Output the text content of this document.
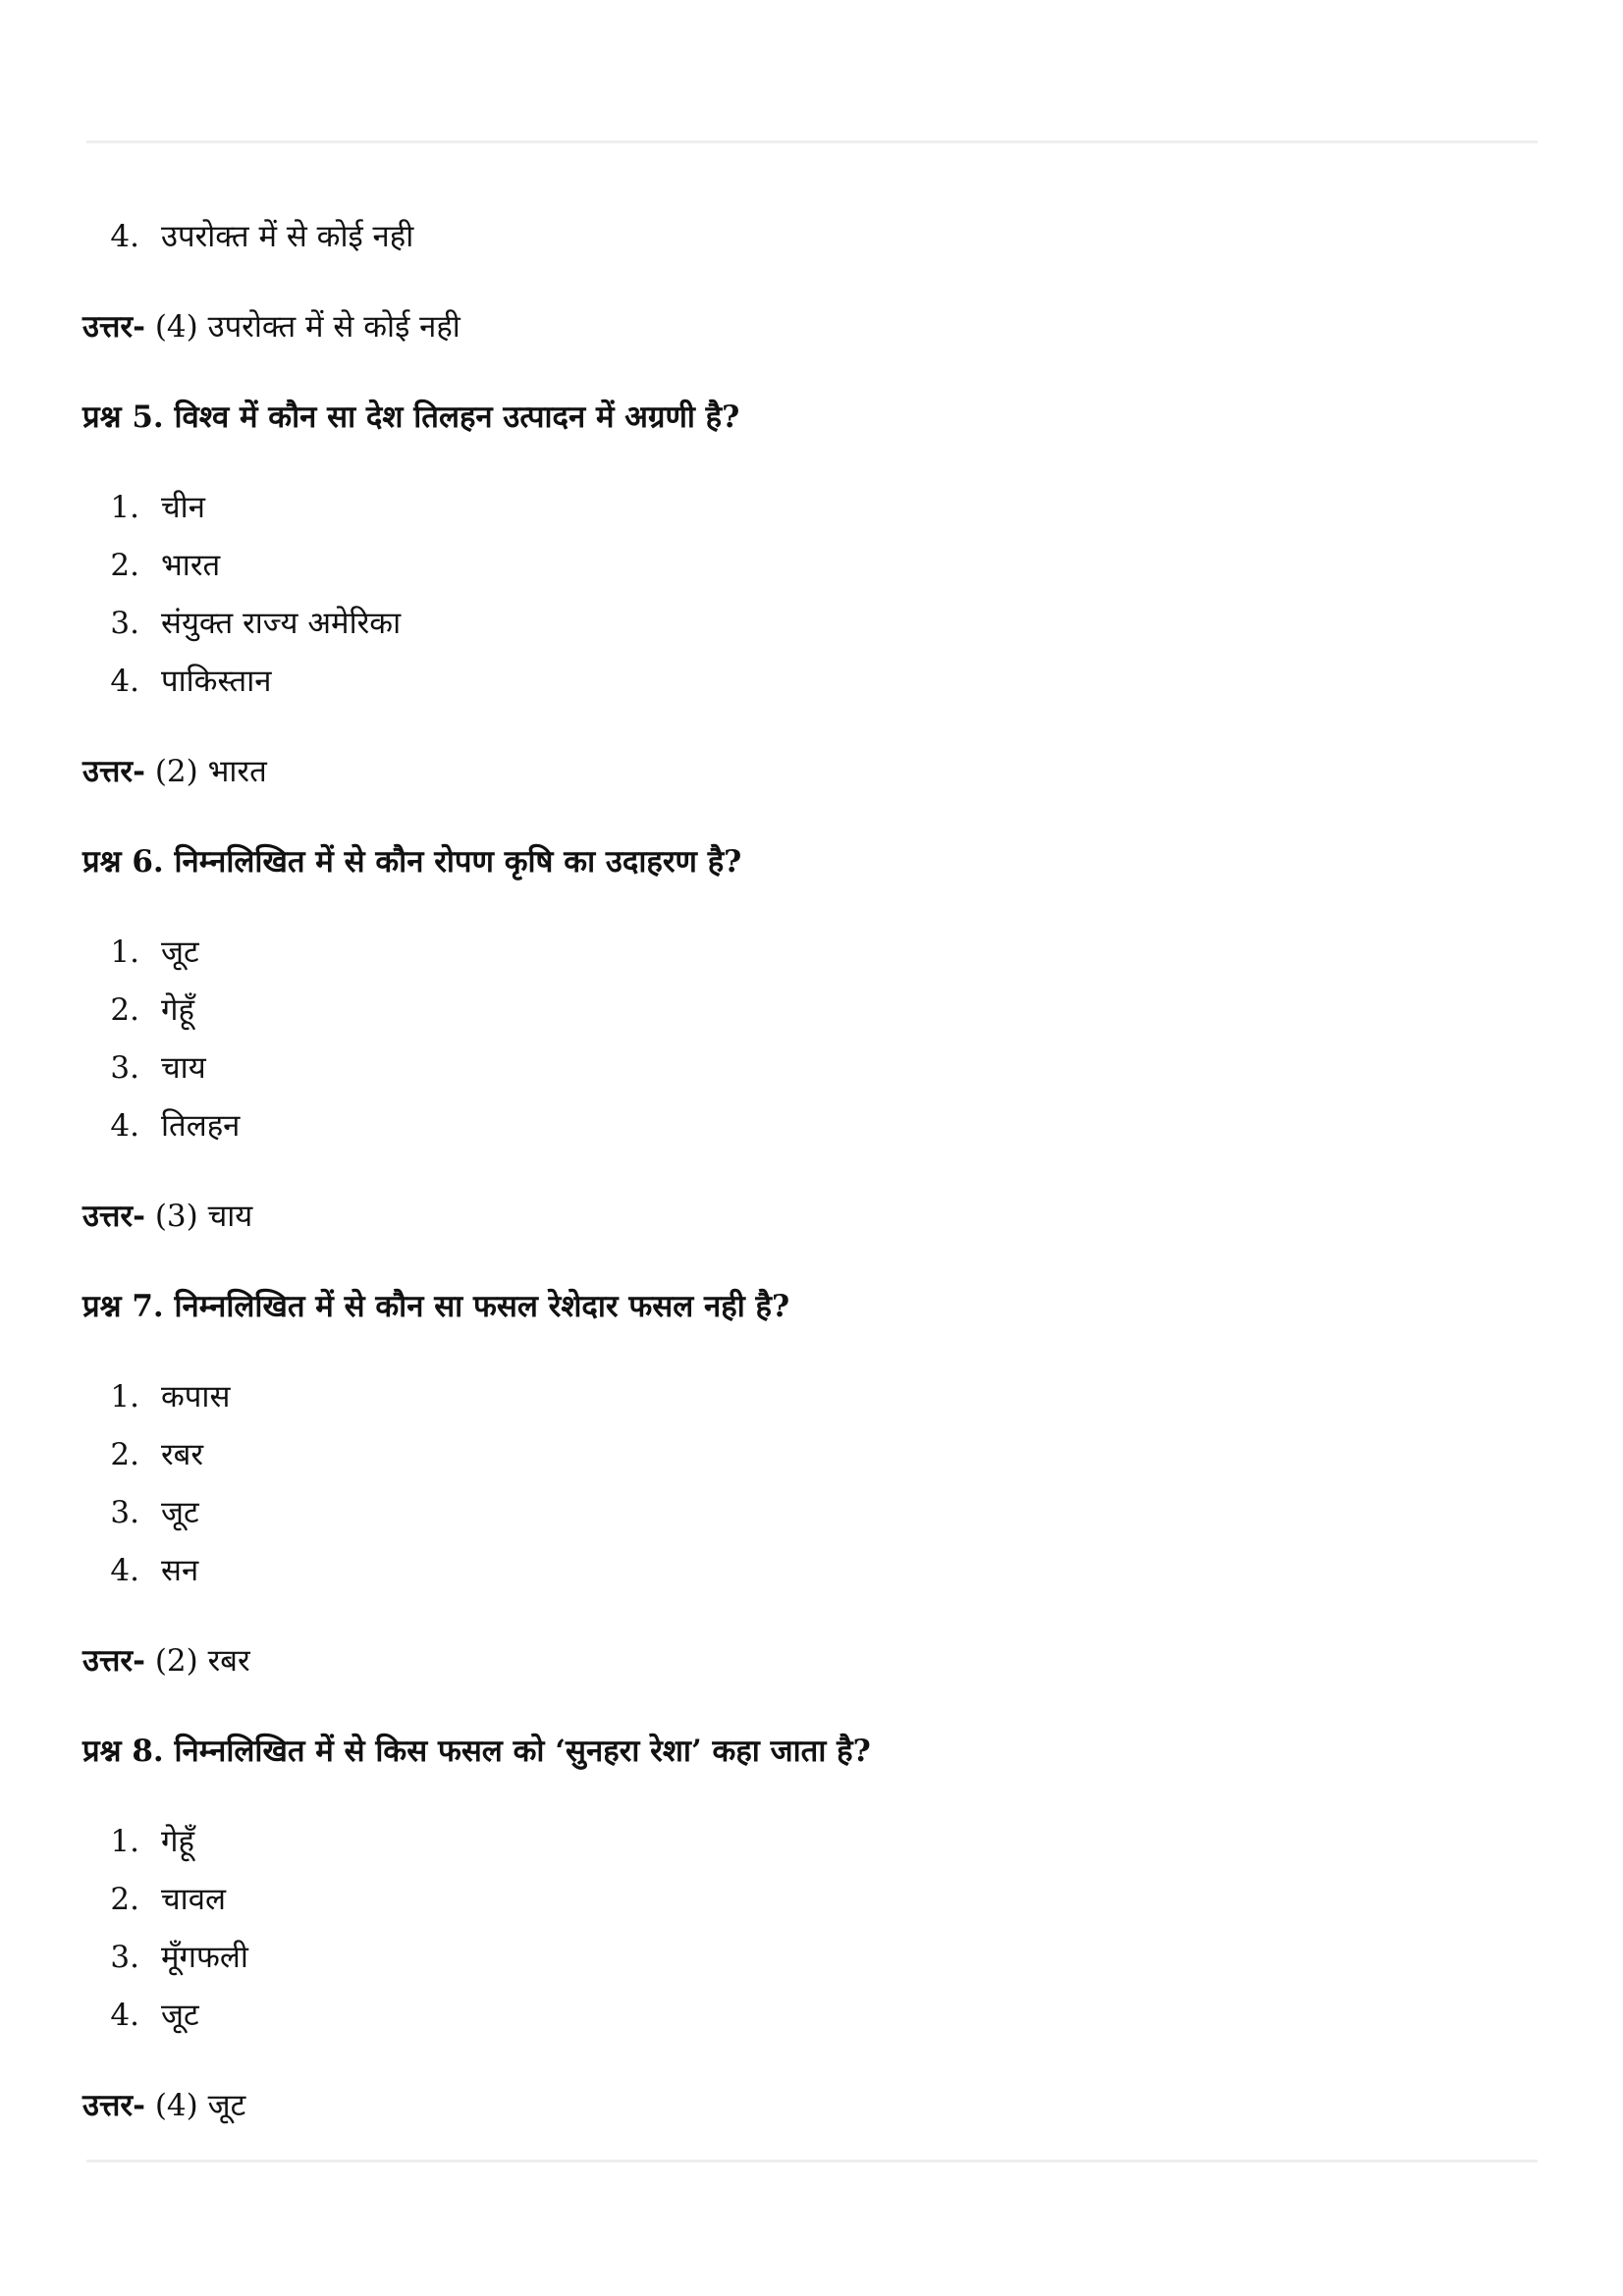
4. उपरोक्त में से कोई नही
उत्तर- (4) उपरोक्त में से कोई नही
प्रश्न 5. विश्व में कौन सा देश तिलहन उत्पादन में अग्रणी है?
1. चीन
2. भारत
3. संयुक्त राज्य अमेरिका
4. पाकिस्तान
उत्तर- (2) भारत
प्रश्न 6. निम्नलिखित में से कौन रोपण कृषि का उदाहरण है?
1. जूट
2. गेहूँ
3. चाय
4. तिलहन
उत्तर- (3) चाय
प्रश्न 7. निम्नलिखित में से कौन सा फसल रेशेदार फसल नही है?
1. कपास
2. रबर
3. जूट
4. सन
उत्तर- (2) रबर
प्रश्न 8. निम्नलिखित में से किस फसल को ‘सुनहरा रेशा’ कहा जाता है?
1. गेहूँ
2. चावल
3. मूँगफली
4. जूट
उत्तर- (4) जूट
